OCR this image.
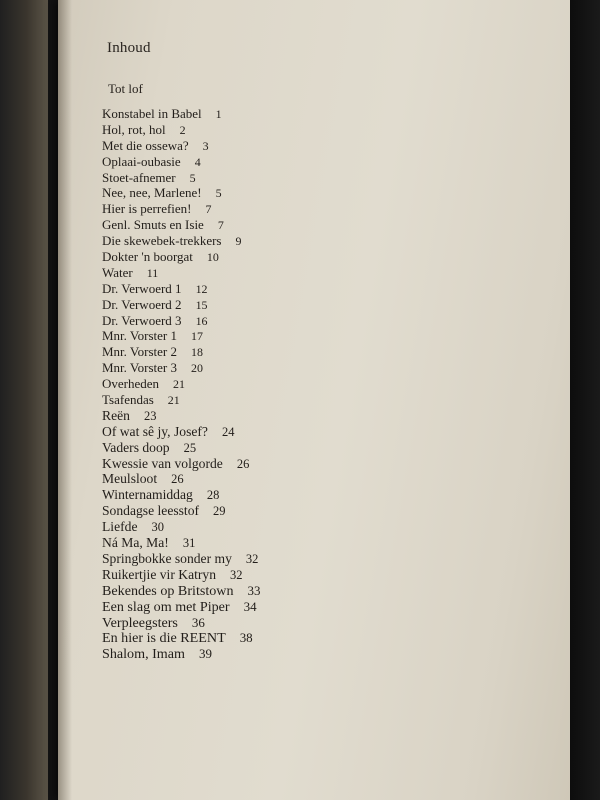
Inhoud
Tot lof
Konstabel in Babel 1
Hol, rot, hol 2
Met die ossewa? 3
Oplaai-oubasie 4
Stoet-afnemer 5
Nee, nee, Marlene! 5
Hier is perrefien! 7
Genl. Smuts en Isie 7
Die skewebek-trekkers 9
Dokter 'n boorgat 10
Water 11
Dr. Verwoerd 1 12
Dr. Verwoerd 2 15
Dr. Verwoerd 3 16
Mnr. Vorster 1 17
Mnr. Vorster 2 18
Mnr. Vorster 3 20
Overheden 21
Tsafendas 21
Reën 23
Of wat sê jy, Josef? 24
Vaders doop 25
Kwessie van volgorde 26
Meulsloot 26
Winternamiddag 28
Sondagse leesstof 29
Liefde 30
Ná Ma, Ma! 31
Springbokke sonder my 32
Ruikertjie vir Katryn 32
Bekendes op Britstown 33
Een slag om met Piper 34
Verpleegsters 36
En hier is die REENT 38
Shalom, Imam 39
